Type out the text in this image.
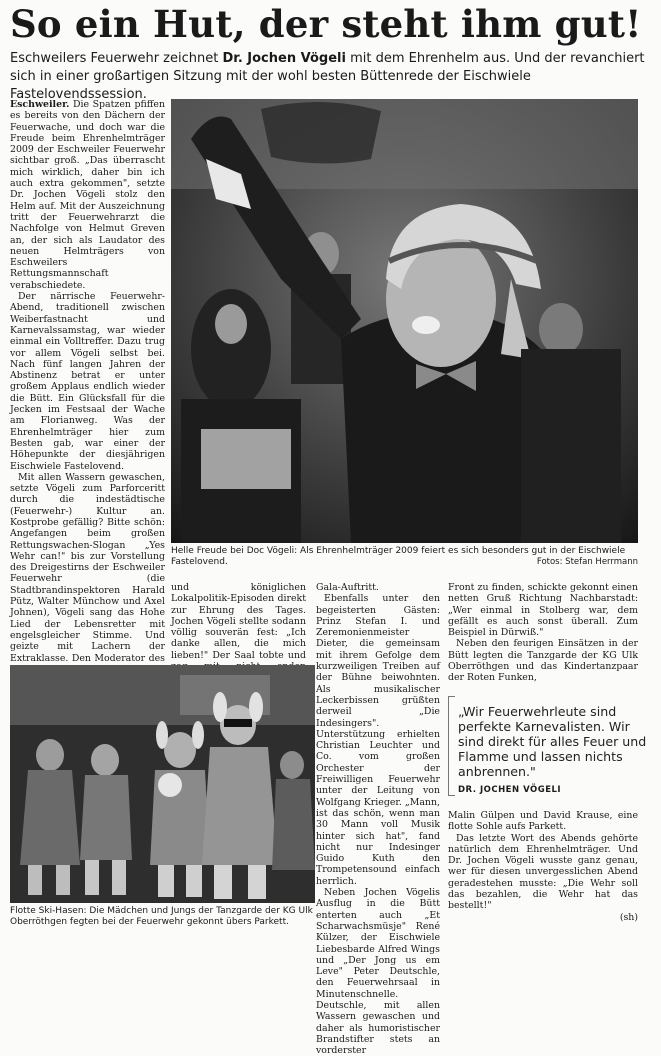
So ein Hut, der steht ihm gut!
Eschweilers Feuerwehr zeichnet Dr. Jochen Vögeli mit dem Ehrenhelm aus. Und der revanchiert sich in einer großartigen Sitzung mit der wohl besten Büttenrede der Eischwiele Fastelovendssession.

Eschweiler. Die Spatzen pfiffen es bereits von den Dächern der Feuerwache, und doch war die Freude beim Ehrenhelmträger 2009 der Eschweiler Feuerwehr sichtbar groß. „Das überrascht mich wirklich, daher bin ich auch extra gekommen", setzte Dr. Jochen Vögeli stolz den Helm auf. Mit der Auszeichnung tritt der Feuerwehrarzt die Nachfolge von Helmut Greven an, der sich als Laudator des neuen Helmträgers von Eschweilers Rettungsmannschaft verabschiedete.

Der närrische Feuerwehr-Abend, traditionell zwischen Weiberfastnacht und Karnevalssamstag, war wieder einmal ein Volltreffer. Dazu trug vor allem Vögeli selbst bei. Nach fünf langen Jahren der Abstinenz betrat er unter großem Applaus endlich wieder die Bütt. Ein Glücksfall für die Jecken im Festsaal der Wache am Florianweg. Was der Ehrenhelmträger hier zum Besten gab, war einer der Höhepunkte der diesjährigen Eischwiele Fastelovend.

Mit allen Wassern gewaschen, setzte Vögeli zum Parforceritt durch die indestädtische (Feuerwehr-) Kultur an. Kostprobe gefällig? Bitte schön: Angefangen beim großen Rettungswachen-Slogan „Yes Wehr can!" bis zur Vorstellung des Dreigestirns der Eschweiler Feuerwehr (die Stadtbrandinspektoren Harald Pütz, Walter Münchow und Axel Johnen), Vögeli sang das Hohe Lied der Lebensretter mit engelsgleicher Stimme. Und geizte mit Lachern der Extraklasse. Den Moderator des

Helle Freude bei Doc Vögeli: Als Ehrenhelmträger 2009 feiert es sich besonders gut in der Eischwiele Fastelovend.	Fotos: Stefan Herrmann

und königlichen Lokalpolitik-Episoden direkt zur Ehrung des Tages. Jochen Vögeli stellte sodann völlig souverän fest: „Ich danke allen, die mich lieben!" Der Saal tobte und

Flotte Ski-Hasen: Die Mädchen und Jungs der Tanzgarde der KG Ulk Oberröthgen fegten bei der Feuerwehr gekonnt übers Parkett.

Gala-Auftritt.

Ebenfalls unter den begeisterten Gästen: Prinz Stefan I. und Zeremonienmeister Dieter, die gemeinsam mit ihrem Gefolge dem kurzweiligen Treiben auf der Bühne beiwohnten. Als musikalischer Leckerbissen grüßten derweil „Die Indesingers". Unterstützung erhielten Christian Leuchter und Co. vom großen Orchester der Freiwilligen Feuerwehr unter der Leitung von Wolfgang Krieger. „Mann, ist das schön, wenn man 30 Mann voll Musik hinter sich hat", fand nicht nur Indesinger Guido Kuth den Trompetensound einfach herrlich.

Neben Jochen Vögelis Ausflug in die Bütt enterten auch „Et Scharwachsmüsje" René Külzer, der Eischwiele Liebesbarde Alfred Wings und „Der Jong us em Leve" Peter Deutschle, den Feuerwehrsaal in Minutenschnelle. Deutschle, mit allen Wassern gewaschen und daher als humoristischer Brandstifter stets an vorderster

Front zu finden, schickte gekonnt einen netten Gruß Richtung Nachbarstadt: „Wer einmal in Stolberg war, dem gefällt es auch sonst überall. Zum Beispiel in Dürwiß."

Neben den feurigen Einsätzen in der Bütt legten die Tanzgarde der KG Ulk Oberröthgen und das Kindertanzpaar der Roten Funken,

„Wir Feuerwehrleute sind perfekte Karnevalisten. Wir sind direkt für alles Feuer und Flamme und lassen nichts anbrennen."
DR. JOCHEN VÖGELI

Malin Gülpen und David Krause, eine flotte Sohle aufs Parkett.

Das letzte Wort des Abends gehörte natürlich dem Ehrenhelmträger. Und Dr. Jochen Vögeli wusste ganz genau, wer für diesen unvergesslichen Abend geradestehen musste: „Die Wehr soll das bezahlen, die Wehr hat das bestellt!"

(sh)
